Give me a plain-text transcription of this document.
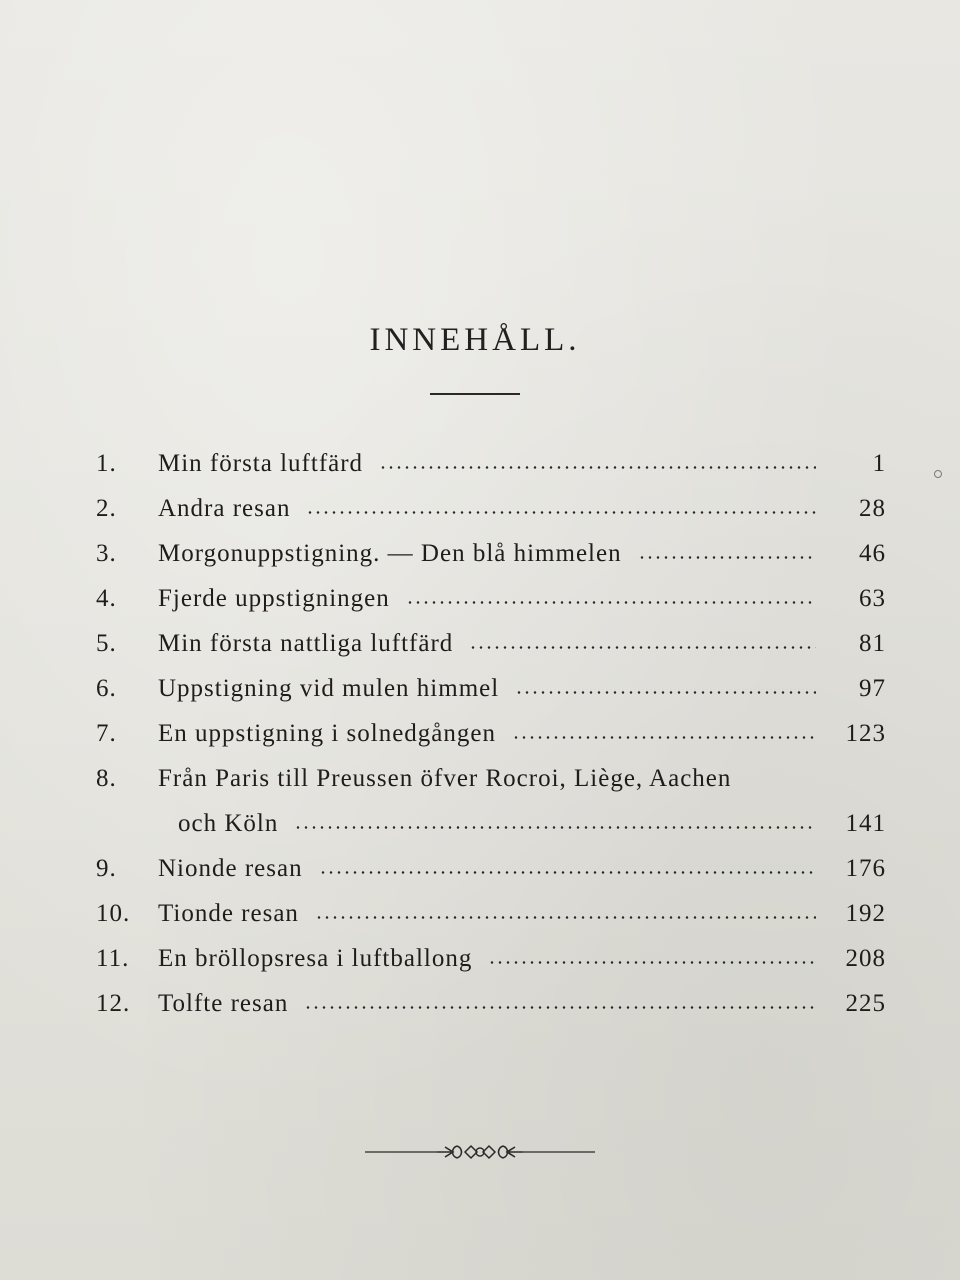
INNEHÅLL.
1.	Min första luftfärd	1
2.	Andra resan	28
3.	Morgonuppstigning. — Den blå himmelen	46
4.	Fjerde uppstigningen	63
5.	Min första nattliga luftfärd	81
6.	Uppstigning vid mulen himmel	97
7.	En uppstigning i solnedgången	123
8.	Från Paris till Preussen öfver Rocroi, Liège, Aachen
och Köln	141
9.	Nionde resan	176
10.	Tionde resan	192
11.	En bröllopsresa i luftballong	208
12.	Tolfte resan	225
